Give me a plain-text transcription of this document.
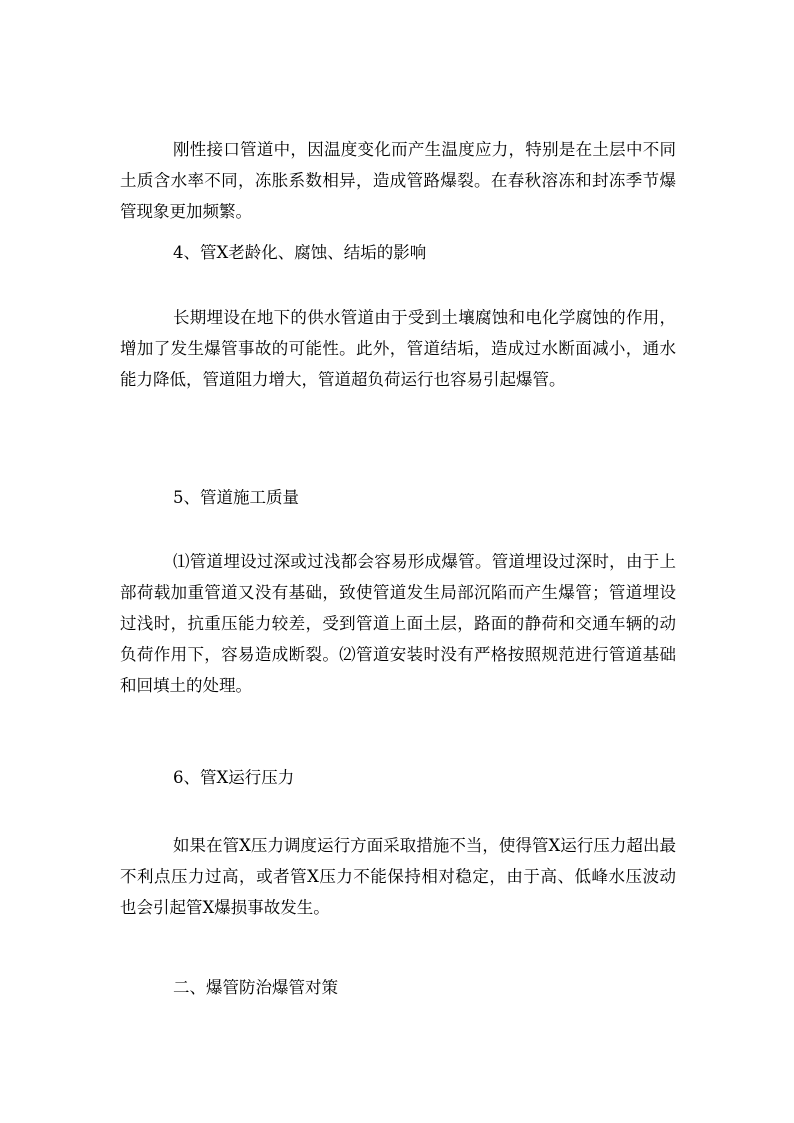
刚性接口管道中，因温度变化而产生温度应力，特别是在土层中不同土质含水率不同，冻胀系数相异，造成管路爆裂。在春秋溶冻和封冻季节爆管现象更加频繁。

4、管X老龄化、腐蚀、结垢的影响

长期埋设在地下的供水管道由于受到土壤腐蚀和电化学腐蚀的作用，增加了发生爆管事故的可能性。此外，管道结垢，造成过水断面减小，通水能力降低，管道阻力增大，管道超负荷运行也容易引起爆管。

5、管道施工质量

⑴管道埋设过深或过浅都会容易形成爆管。管道埋设过深时，由于上部荷载加重管道又没有基础，致使管道发生局部沉陷而产生爆管；管道埋设过浅时，抗重压能力较差，受到管道上面土层，路面的静荷和交通车辆的动负荷作用下，容易造成断裂。⑵管道安装时没有严格按照规范进行管道基础和回填土的处理。

6、管X运行压力

如果在管X压力调度运行方面采取措施不当，使得管X运行压力超出最不利点压力过高，或者管X压力不能保持相对稳定，由于高、低峰水压波动也会引起管X爆损事故发生。

二、爆管防治爆管对策
